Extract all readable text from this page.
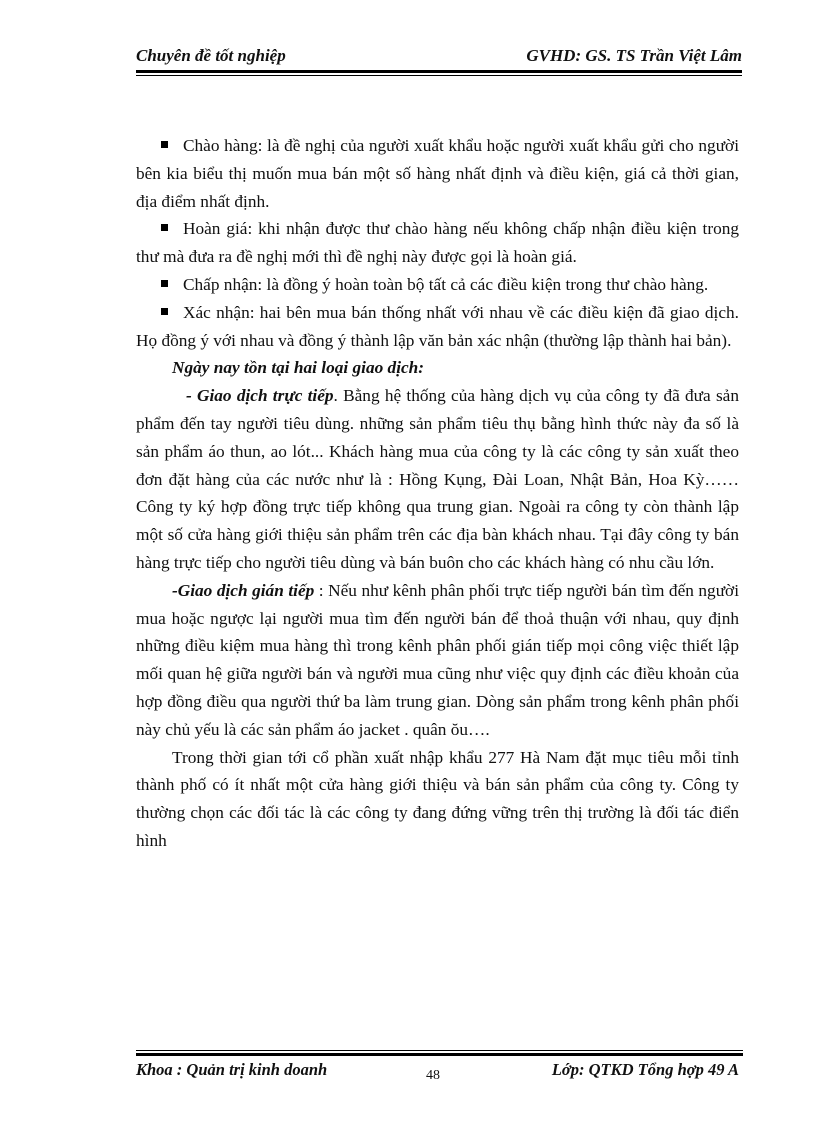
Chuyên đề tốt nghiệp	GVHD: GS. TS Trần Việt Lâm

Chào hàng: là đề nghị của người xuất khẩu hoặc người xuất khẩu gửi cho người bên kia biểu thị muốn mua bán một số hàng nhất định và điều kiện, giá cả thời gian, địa điểm nhất định.

Hoàn giá: khi nhận được thư chào hàng nếu không chấp nhận điều kiện trong thư mà đưa ra đề nghị mới thì đề nghị này được gọi là hoàn giá.

Chấp nhận: là đồng ý hoàn toàn bộ tất cả các điều kiện trong thư chào hàng.

Xác nhận: hai bên mua bán thống nhất với nhau về các điều kiện đã giao dịch. Họ đồng ý với nhau và đồng ý thành lập văn bản xác nhận (thường lập thành hai bản).

Ngày nay tồn tại hai loại giao dịch:

- Giao dịch trực tiếp. Bằng hệ thống của hàng dịch vụ của công ty đã đưa sản phẩm đến tay người tiêu dùng. những sản phẩm tiêu thụ bằng hình thức này đa số là sản phẩm áo thun, ao lót... Khách hàng mua của công ty là các công ty sản xuất theo đơn đặt hàng của các nước như là : Hồng Kụng, Đài Loan, Nhật Bản, Hoa Kỳ…… Công ty ký hợp đồng trực tiếp không qua trung gian. Ngoài ra công ty còn thành lập một số cửa hàng giới thiệu sản phẩm trên các địa bàn khách nhau. Tại đây công ty bán hàng trực tiếp cho người tiêu dùng và bán buôn cho các khách hàng có nhu cầu lớn.

-Giao dịch gián tiếp : Nếu như kênh phân phối trực tiếp người bán tìm đến người mua hoặc ngược lại người mua tìm đến người bán để thoả thuận với nhau, quy định những điều kiệm mua hàng thì trong kênh phân phối gián tiếp mọi công việc thiết lập mối quan hệ giữa người bán và người mua cũng như việc quy định các điều khoản của hợp đồng điều qua người thứ ba làm trung gian. Dòng sản phẩm trong kênh phân phối này chủ yếu là các sản phẩm áo jacket . quân ŏu….

Trong thời gian tới cổ phần xuất nhập khẩu 277 Hà Nam đặt mục tiêu mỗi tỉnh thành phố có ít nhất một cửa hàng giới thiệu và bán sản phẩm của công ty. Công ty thường chọn các đối tác là các công ty đang đứng vững trên thị trường là đối tác điển hình

Khoa : Quản trị kinh doanh	48	Lớp: QTKD Tổng hợp 49 A
